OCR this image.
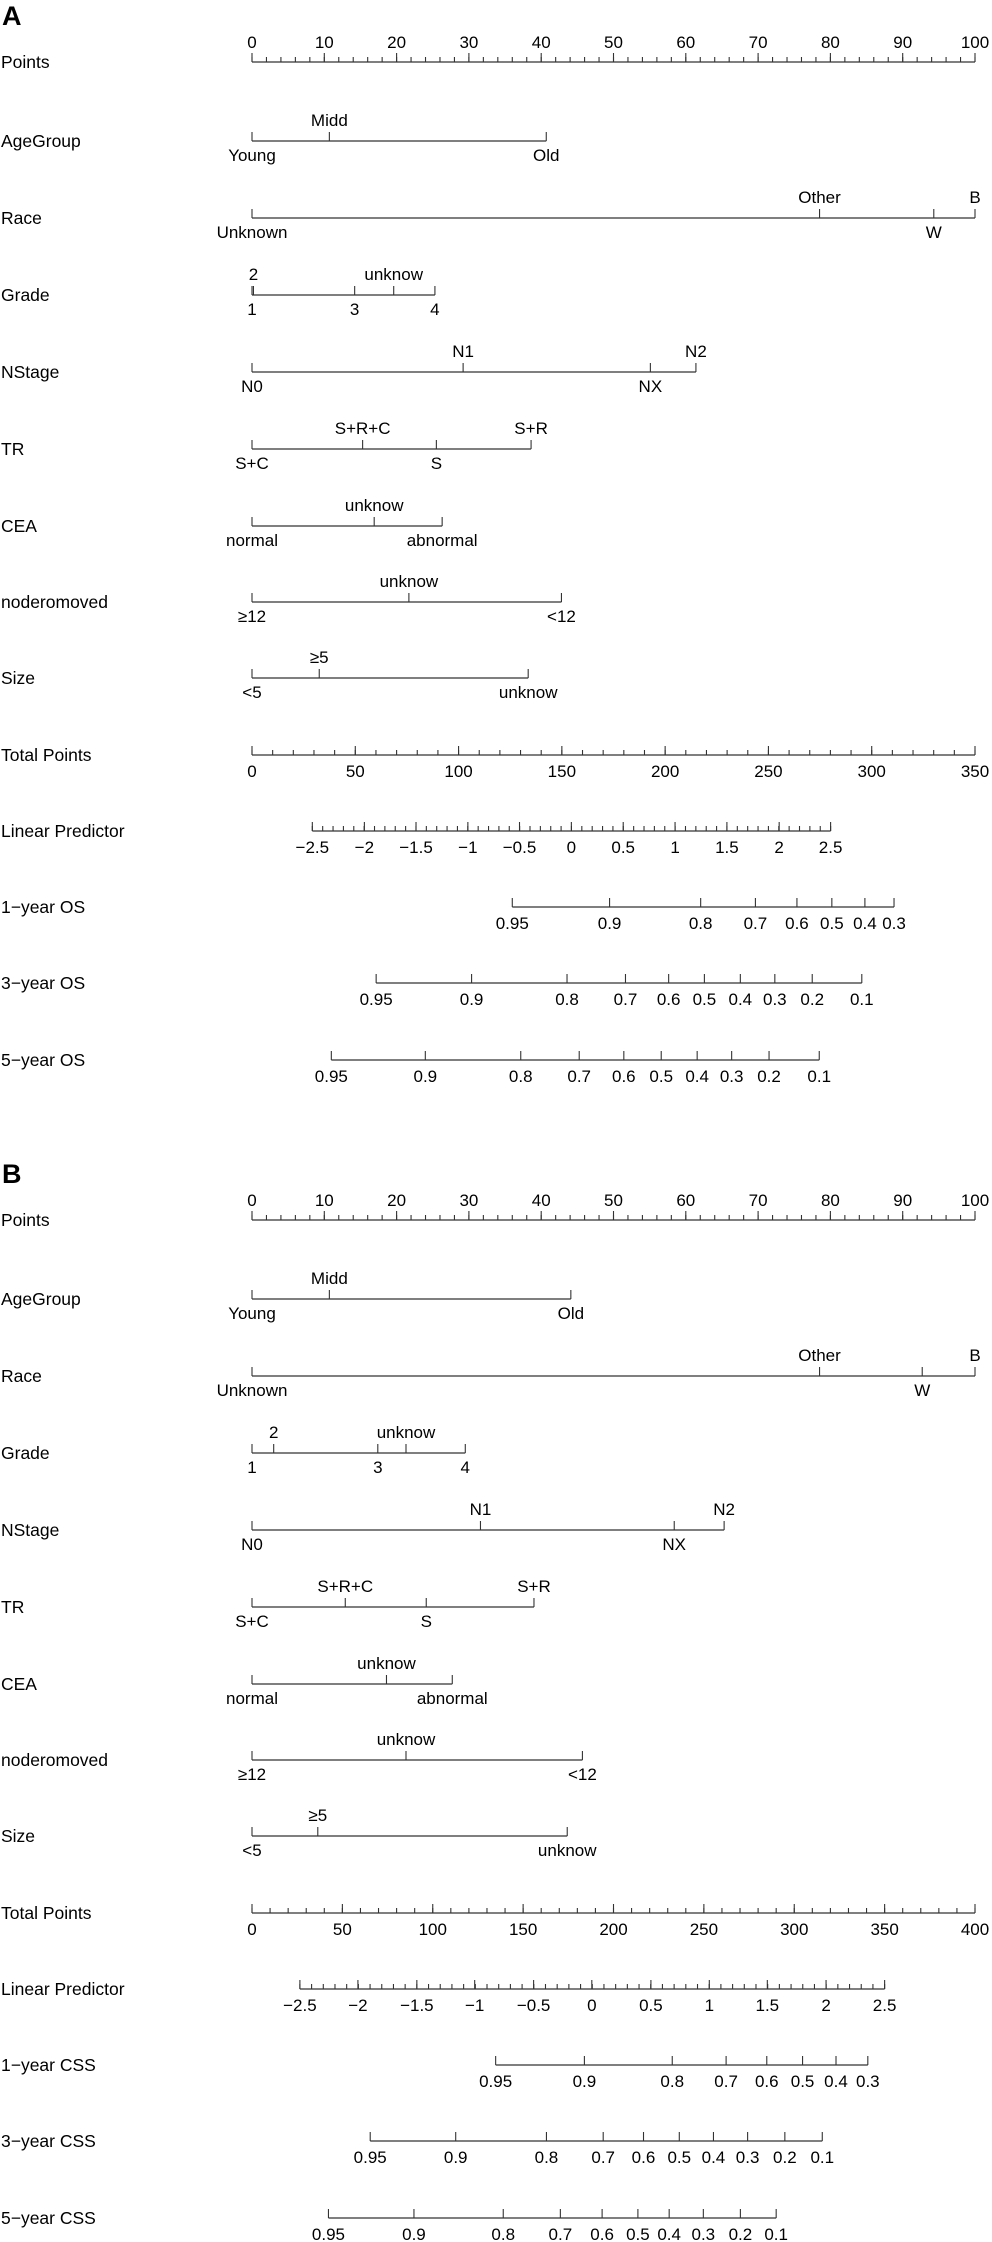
A
Points
0	10	20	30	40	50	60	70	80	90	100
AgeGroup
Young
Midd
Old
Race
Unknown
Other
W
B
Grade
1
2
3
unknow
4
NStage
N0
N1
NX
N2
TR
S+C
S+R+C
S
S+R
CEA
normal
unknow
abnormal
noderomoved
≥12
unknow
<12
Size
<5
≥5
unknow
Total Points
0	50	100	150	200	250	300	350
Linear Predictor
−2.5 −2 −1.5 −1 −0.5 0 0.5 1 1.5 2 2.5
1−year OS
0.95	0.9	0.8 0.7 0.6 0.5 0.4 0.3
3−year OS
0.95	0.9	0.8 0.7 0.6 0.5 0.4 0.3 0.2 0.1
5−year OS
0.95	0.9	0.8 0.7 0.6 0.5 0.4 0.3 0.2 0.1
B
Points
0	10	20	30	40	50	60	70	80	90	100
AgeGroup
Young
Midd
Old
Race
Unknown
Other
W
B
Grade
1
2
3
unknow
4
NStage
N0
N1
NX
N2
TR
S+C
S+R+C
S
S+R
CEA
normal
unknow
abnormal
noderomoved
≥12
unknow
<12
Size
<5
≥5
unknow
Total Points
0	50	100	150	200	250	300	350	400
Linear Predictor
−2.5 −2 −1.5 −1 −0.5 0	0.5 1 1.5 2 2.5
1−year CSS
0.95	0.9	0.8 0.7 0.6 0.5 0.4 0.3
3−year CSS
0.95	0.9	0.8 0.7 0.6 0.5 0.4 0.3 0.2 0.1
5−year CSS
0.95	0.9	0.8 0.7 0.6 0.5 0.4 0.3 0.2 0.1
